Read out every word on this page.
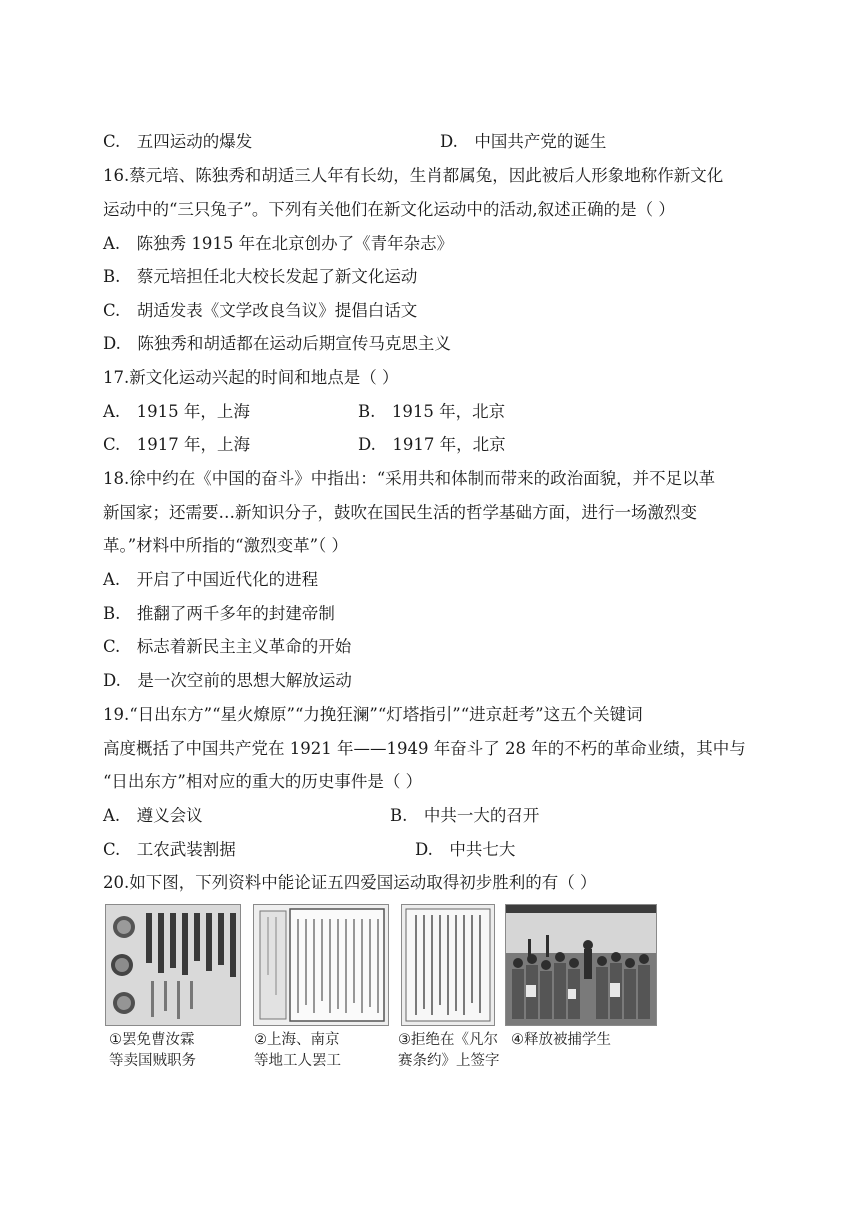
C.　五四运动的爆发	D.　中国共产党的诞生
16.蔡元培、陈独秀和胡适三人年有长幼，生肖都属兔，因此被后人形象地称作新文化
运动中的“三只兔子”。下列有关他们在新文化运动中的活动,叙述正确的是（ ）
A.　陈独秀 1915 年在北京创办了《青年杂志》
B.　蔡元培担任北大校长发起了新文化运动
C.　胡适发表《文学改良刍议》提倡白话文
D.　陈独秀和胡适都在运动后期宣传马克思主义
17.新文化运动兴起的时间和地点是（ ）
A.　1915 年，上海	B.　1915 年，北京
C.　1917 年，上海	D.　1917 年，北京
18.徐中约在《中国的奋斗》中指出：“采用共和体制而带来的政治面貌，并不足以革
新国家；还需要…新知识分子，鼓吹在国民生活的哲学基础方面，进行一场激烈变
革。”材料中所指的“激烈变革”（ ）
A.　开启了中国近代化的进程
B.　推翻了两千多年的封建帝制
C.　标志着新民主主义革命的开始
D.　是一次空前的思想大解放运动
19.“日出东方”“星火燎原”“力挽狂澜”“灯塔指引”“进京赶考”这五个关键词
高度概括了中国共产党在 1921 年——1949 年奋斗了 28 年的不朽的革命业绩，其中与
“日出东方”相对应的重大的历史事件是（ ）
A.　遵义会议	B.　中共一大的召开
C.　工农武装割据	D.　中共七大
20.如下图，下列资料中能论证五四爱国运动取得初步胜利的有（ ）
①罢免曹汝霖
等卖国贼职务
②上海、南京
等地工人罢工
③拒绝在《凡尔
赛条约》上签字
④释放被捕学生
